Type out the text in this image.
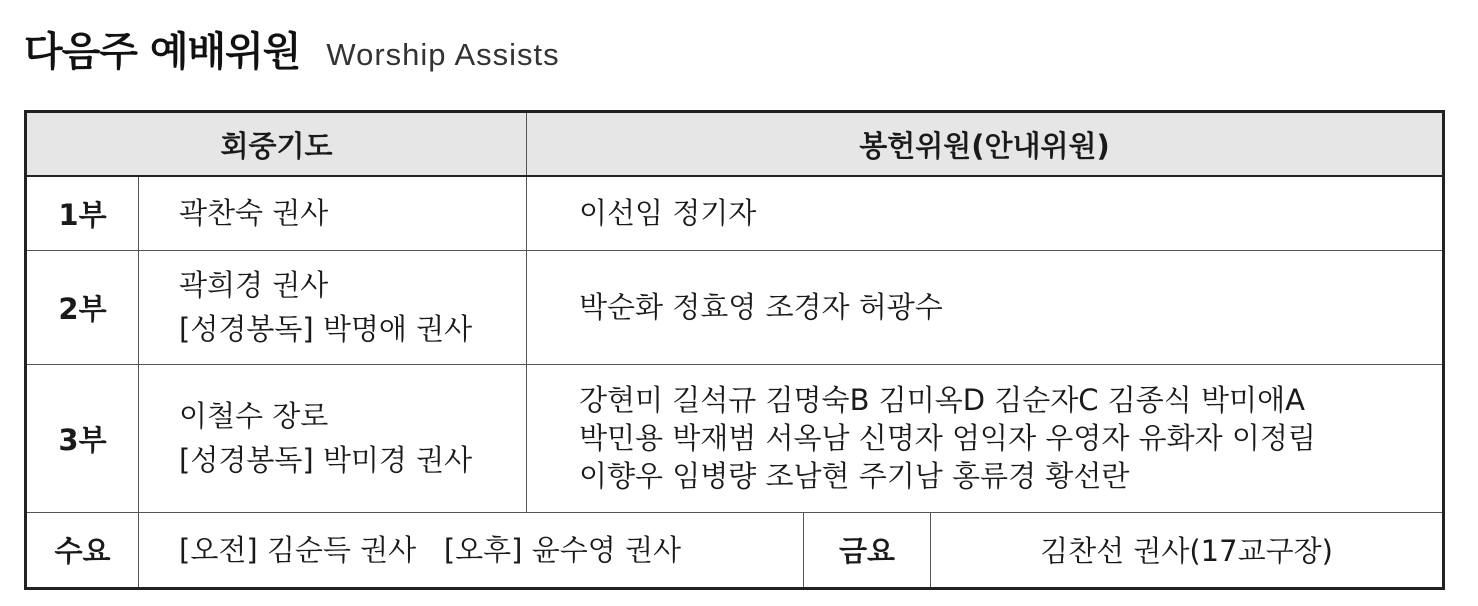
다음주 예배위원 Worship Assists
회중기도		봉헌위원(안내위원)		
1부	곽찬숙 권사	이선임 정기자		

2부	곽희경 권사
[성경봉독] 박명애 권사	박순화 정효영 조경자 허광수		

3부	이철수 장로
[성경봉독] 박미경 권사	강현미 길석규 김명숙B 김미옥D 김순자C 김종식 박미애A
박민용 박재범 서옥남 신명자 엄익자 우영자 유화자 이정림
이향우 임병량 조남현 주기남 홍류경 황선란		

수요	[오전] 김순득 권사   [오후] 윤수영 권사		금요	김찬선 권사(17교구장)
